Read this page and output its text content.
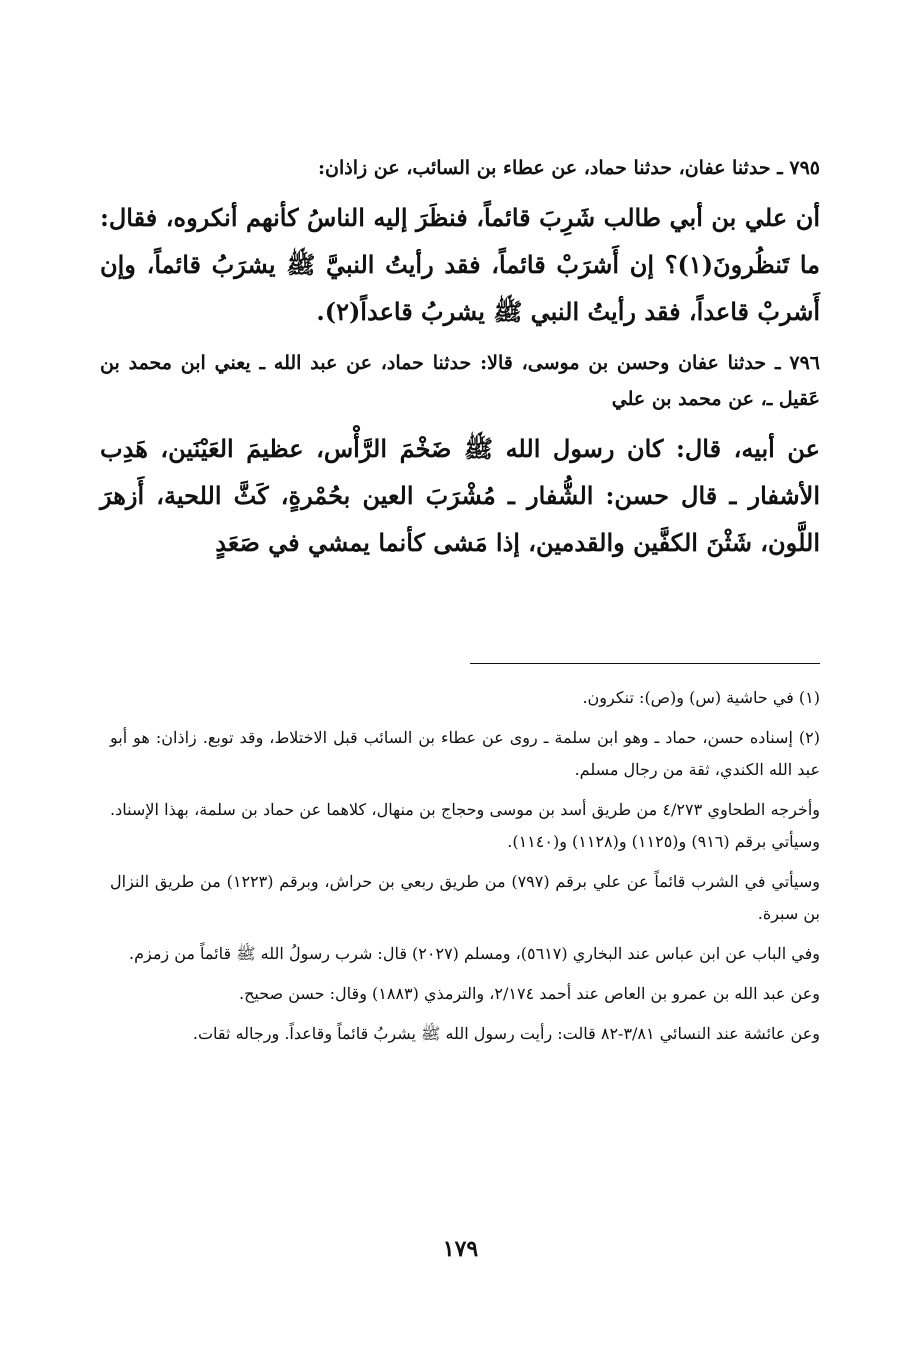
٧٩٥ ـ حدثنا عفان، حدثنا حماد، عن عطاء بن السائب، عن زاذان:

أن علي بن أبي طالب شَرِبَ قائماً، فنظَرَ إليه الناسُ كأنهم أنكروه، فقال: ما تَنظُرونَ(١)؟ إن أَشرَبْ قائماً، فقد رأيتُ النبيَّ ﷺ يشرَبُ قائماً، وإن أَشربْ قاعداً، فقد رأيتُ النبي ﷺ يشربُ قاعداً(٢).

٧٩٦ ـ حدثنا عفان وحسن بن موسى، قالا: حدثنا حماد، عن عبد الله ـ يعني ابن محمد بن عَقيل ـ، عن محمد بن علي

عن أبيه، قال: كان رسول الله ﷺ ضَخْمَ الرَّأْس، عظيمَ العَيْنَين، هَدِب الأشفار ـ قال حسن: الشُّفار ـ مُشْرَبَ العين بحُمْرةٍ، كَثَّ اللحية، أَزهرَ اللَّون، شَثْنَ الكفَّين والقدمين، إذا مَشى كأنما يمشي في صَعَدٍ

(١) في حاشية (س) و(ص): تنكرون.

(٢) إسناده حسن، حماد ـ وهو ابن سلمة ـ روى عن عطاء بن السائب قبل الاختلاط، وقد توبع. زاذان: هو أبو عبد الله الكندي، ثقة من رجال مسلم.

وأخرجه الطحاوي ٤/٢٧٣ من طريق أسد بن موسى وحجاج بن منهال، كلاهما عن حماد بن سلمة، بهذا الإسناد. وسيأتي برقم (٩١٦) و(١١٢٥) و(١١٢٨) و(١١٤٠).

وسيأتي في الشرب قائماً عن علي برقم (٧٩٧) من طريق ربعي بن حراش، وبرقم (١٢٢٣) من طريق النزال بن سبرة.

وفي الباب عن ابن عباس عند البخاري (٥٦١٧)، ومسلم (٢٠٢٧) قال: شرب رسولُ الله ﷺ قائماً من زمزم.

وعن عبد الله بن عمرو بن العاص عند أحمد ٢/١٧٤، والترمذي (١٨٨٣) وقال: حسن صحيح.

وعن عائشة عند النسائي ٣/٨١-٨٢ قالت: رأيت رسول الله ﷺ يشربُ قائماً وقاعداً. ورجاله ثقات.

١٧٩
